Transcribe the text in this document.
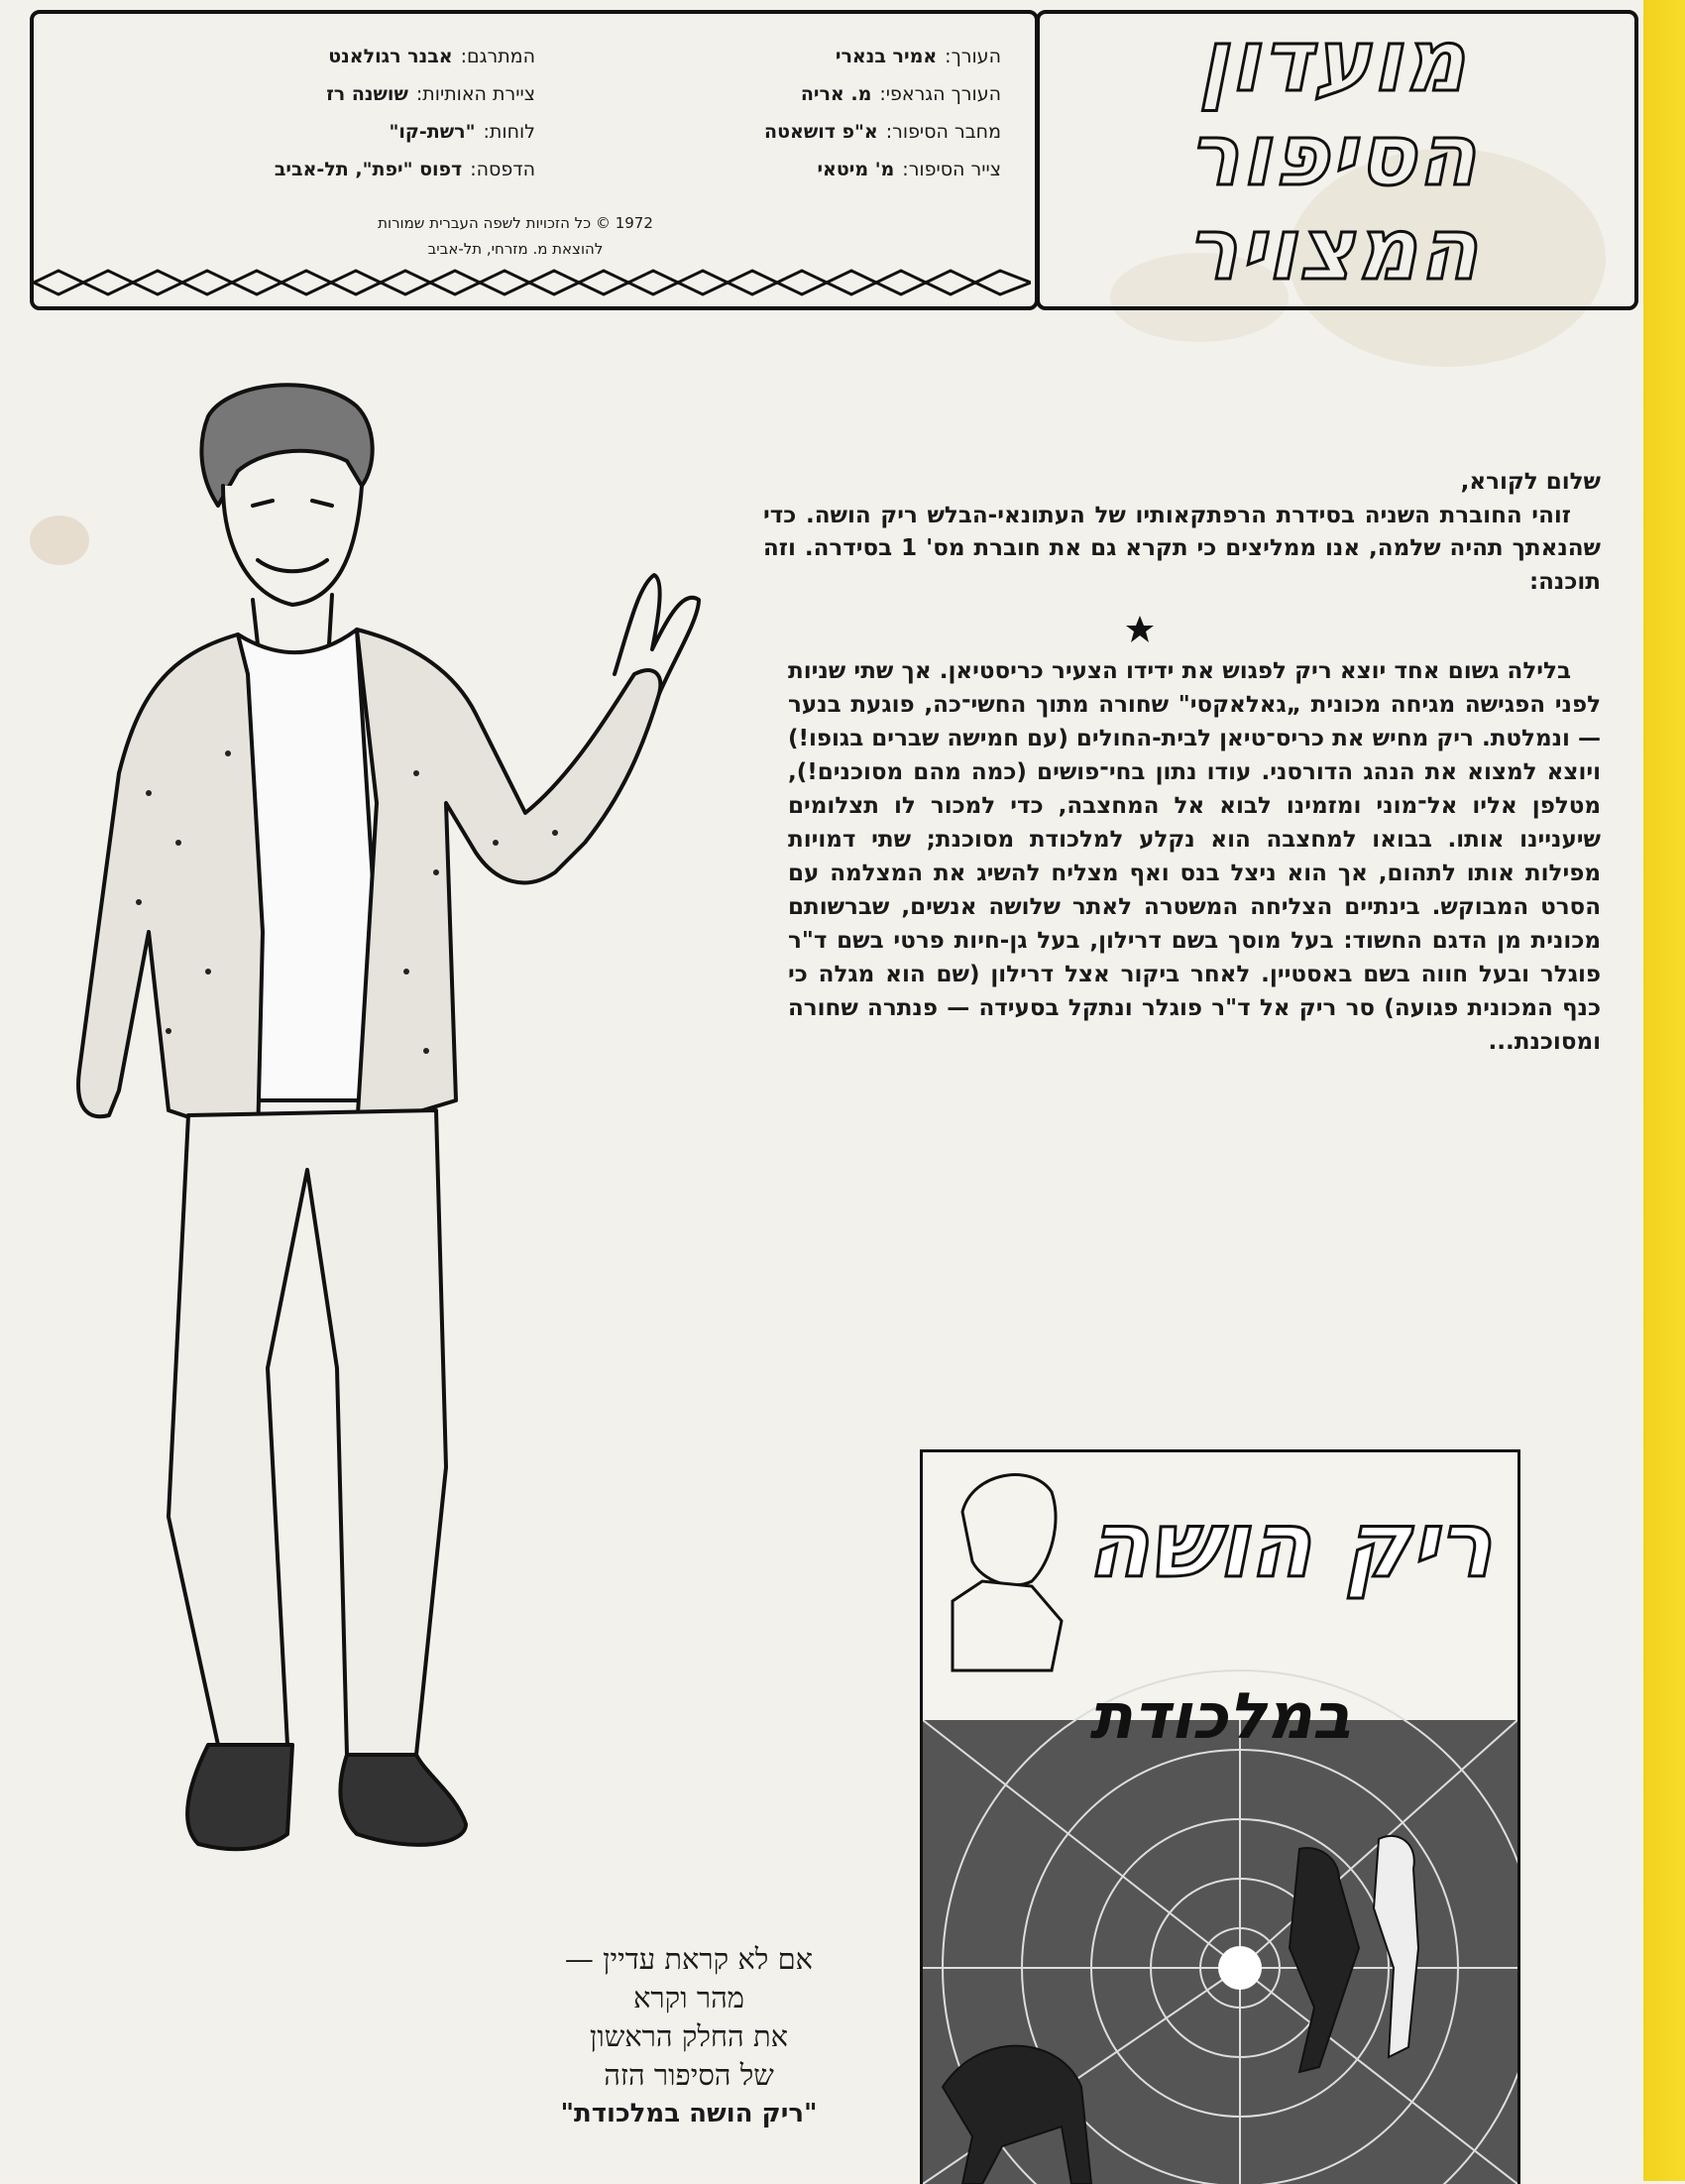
העורך:אמיר בנארי
העורך הגראפי:מ. אריה
מחבר הסיפור:א"פ דושאטה
צייר הסיפור:מ' מיטאי
המתרגם:אבנר רגולאנט
ציירת האותיות:שושנה רז
לוחות:"רשת-קו"
הדפסה:דפוס "יפת", תל-אביב
1972 © כל הזכויות לשפה העברית שמורות
להוצאת מ. מזרחי, תל-אביב
מועדון
הסיפור
המצויר

שלום לקורא,

זוהי החוברת השניה בסידרת הרפתקאותיו של העתונאי-הבלש ריק הושה. כדי שהנאתך תהיה שלמה, אנו ממליצים כי תקרא גם את חוברת מס' 1 בסידרה. וזה תוכנה:

בלילה גשום אחד יוצא ריק לפגוש את ידידו הצעיר כריסטיאן. אך שתי שניות לפני הפגישה מגיחה מכונית „גאלאקסי" שחורה מתוך החשי־כה, פוגעת בנער — ונמלטת. ריק מחיש את כריס־טיאן לבית-החולים (עם חמישה שברים בגופו!) ויוצא למצוא את הנהג הדורסני. עודו נתון בחי־פושים (כמה מהם מסוכנים!), מטלפן אליו אל־מוני ומזמינו לבוא אל המחצבה, כדי למכור לו תצלומים שיעניינו אותו. בבואו למחצבה הוא נקלע למלכודת מסוכנת; שתי דמויות מפילות אותו לתהום, אך הוא ניצל בנס ואף מצליח להשיג את המצלמה עם הסרט המבוקש. בינתיים הצליחה המשטרה לאתר שלושה אנשים, שברשותם מכונית מן הדגם החשוד: בעל מוסך בשם דרילון, בעל גן-חיות פרטי בשם ד"ר פוגלר ובעל חווה בשם באסטיין. לאחר ביקור אצל דרילון (שם הוא מגלה כי כנף המכונית פגועה) סר ריק אל ד"ר פוגלר ונתקל בסעידה — פנתרה שחורה ומסוכנת...

אם לא קראת עדיין —
מהר וקרא
את החלק הראשון
של הסיפור הזה
"ריק הושה במלכודת"
ריק הושה
במלכודת
